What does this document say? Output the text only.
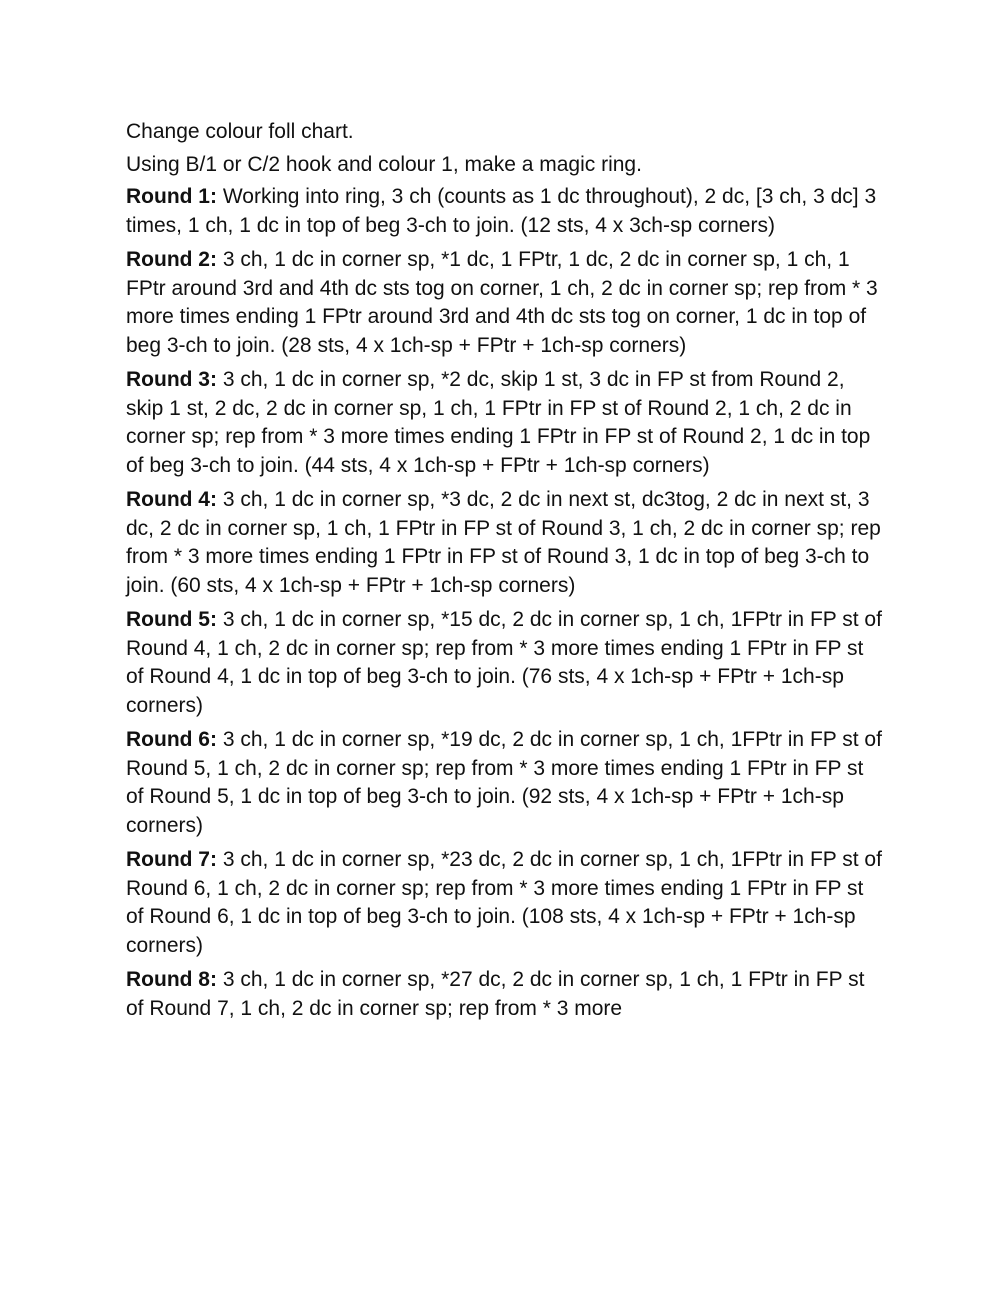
Change colour foll chart.

Using B/1 or C/2 hook and colour 1, make a magic ring.

Round 1: Working into ring, 3 ch (counts as 1 dc throughout), 2 dc, [3 ch, 3 dc] 3 times, 1 ch, 1 dc in top of beg 3-ch to join. (12 sts, 4 x 3ch-sp corners)

Round 2: 3 ch, 1 dc in corner sp, *1 dc, 1 FPtr, 1 dc, 2 dc in corner sp, 1 ch, 1 FPtr around 3rd and 4th dc sts tog on corner, 1 ch, 2 dc in corner sp; rep from * 3 more times ending 1 FPtr around 3rd and 4th dc sts tog on corner, 1 dc in top of beg 3-ch to join. (28 sts, 4 x 1ch-sp + FPtr + 1ch-sp corners)

Round 3: 3 ch, 1 dc in corner sp, *2 dc, skip 1 st, 3 dc in FP st from Round 2, skip 1 st, 2 dc, 2 dc in corner sp, 1 ch, 1 FPtr in FP st of Round 2, 1 ch, 2 dc in corner sp; rep from * 3 more times ending 1 FPtr in FP st of Round 2, 1 dc in top of beg 3-ch to join. (44 sts, 4 x 1ch-sp + FPtr + 1ch-sp corners)

Round 4: 3 ch, 1 dc in corner sp, *3 dc, 2 dc in next st, dc3tog, 2 dc in next st, 3 dc, 2 dc in corner sp, 1 ch, 1 FPtr in FP st of Round 3, 1 ch, 2 dc in corner sp; rep from * 3 more times ending 1 FPtr in FP st of Round 3, 1 dc in top of beg 3-ch to join. (60 sts, 4 x 1ch-sp + FPtr + 1ch-sp corners)

Round 5: 3 ch, 1 dc in corner sp, *15 dc, 2 dc in corner sp, 1 ch, 1FPtr in FP st of Round 4, 1 ch, 2 dc in corner sp; rep from * 3 more times ending 1 FPtr in FP st of Round 4, 1 dc in top of beg 3-ch to join. (76 sts, 4 x 1ch-sp + FPtr + 1ch-sp corners)

Round 6: 3 ch, 1 dc in corner sp, *19 dc, 2 dc in corner sp, 1 ch, 1FPtr in FP st of Round 5, 1 ch, 2 dc in corner sp; rep from * 3 more times ending 1 FPtr in FP st of Round 5, 1 dc in top of beg 3-ch to join. (92 sts, 4 x 1ch-sp + FPtr + 1ch-sp corners)

Round 7: 3 ch, 1 dc in corner sp, *23 dc, 2 dc in corner sp, 1 ch, 1FPtr in FP st of Round 6, 1 ch, 2 dc in corner sp; rep from * 3 more times ending 1 FPtr in FP st of Round 6, 1 dc in top of beg 3-ch to join. (108 sts, 4 x 1ch-sp + FPtr + 1ch-sp corners)

Round 8: 3 ch, 1 dc in corner sp, *27 dc, 2 dc in corner sp, 1 ch, 1 FPtr in FP st of Round 7, 1 ch, 2 dc in corner sp; rep from * 3 more
